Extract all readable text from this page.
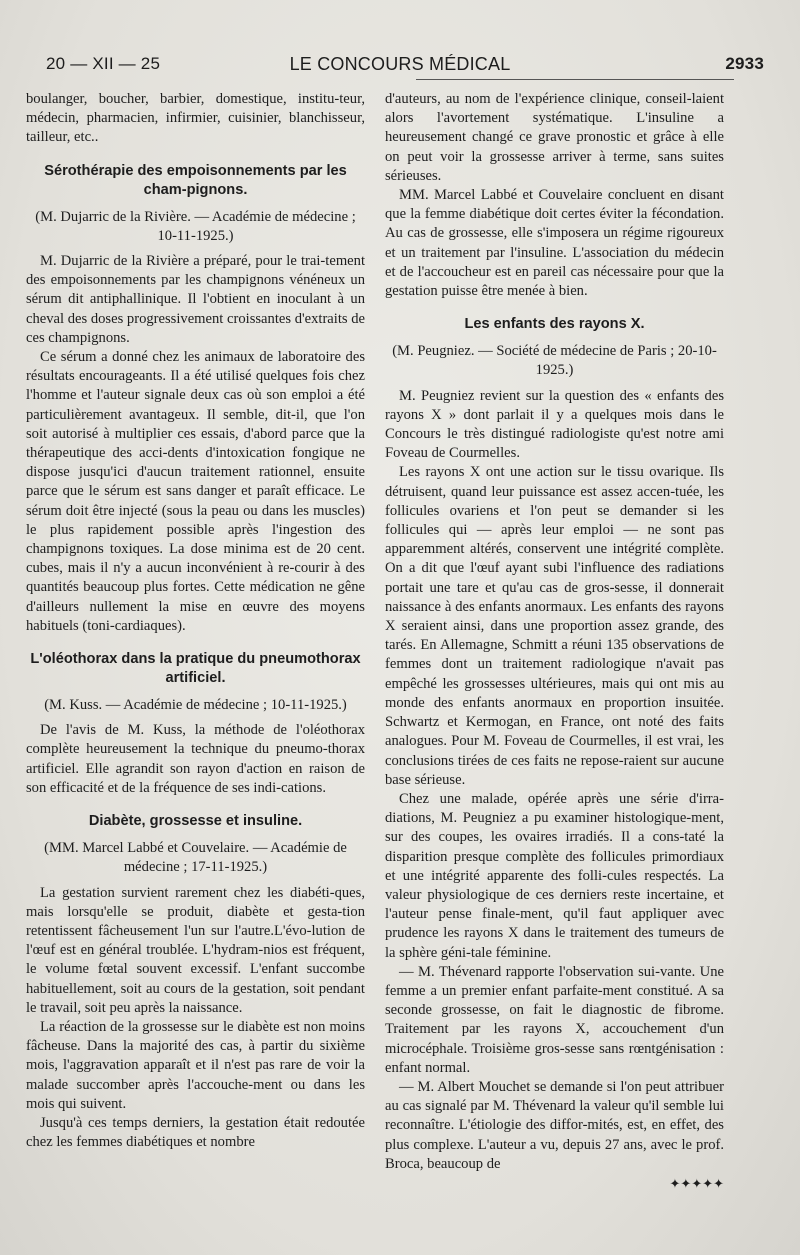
20 — XII — 25	LE CONCOURS MÉDICAL	2933

boulanger, boucher, barbier, domestique, institu-teur, médecin, pharmacien, infirmier, cuisinier, blanchisseur, tailleur, etc..

Sérothérapie des empoisonnements par les cham-pignons.

(M. Dujarric de la Rivière. — Académie de médecine ; 10-11-1925.)

M. Dujarric de la Rivière a préparé, pour le trai-tement des empoisonnements par les champignons vénéneux un sérum dit antiphallinique. Il l'obtient en inoculant à un cheval des doses progressivement croissantes d'extraits de ces champignons.

Ce sérum a donné chez les animaux de laboratoire des résultats encourageants. Il a été utilisé quelques fois chez l'homme et l'auteur signale deux cas où son emploi a été particulièrement avantageux. Il semble, dit-il, que l'on soit autorisé à multiplier ces essais, d'abord parce que la thérapeutique des acci-dents d'intoxication fongique ne dispose jusqu'ici d'aucun traitement rationnel, ensuite parce que le sérum est sans danger et paraît efficace. Le sérum doit être injecté (sous la peau ou dans les muscles) le plus rapidement possible après l'ingestion des champignons toxiques. La dose minima est de 20 cent. cubes, mais il n'y a aucun inconvénient à re-courir à des quantités beaucoup plus fortes. Cette médication ne gêne d'ailleurs nullement la mise en œuvre des moyens habituels (toni-cardiaques).

L'oléothorax dans la pratique du pneumothorax artificiel.

(M. Kuss. — Académie de médecine ; 10-11-1925.)

De l'avis de M. Kuss, la méthode de l'oléothorax complète heureusement la technique du pneumo-thorax artificiel. Elle agrandit son rayon d'action en raison de son efficacité et de la fréquence de ses indi-cations.

Diabète, grossesse et insuline.

(MM. Marcel Labbé et Couvelaire. — Académie de médecine ; 17-11-1925.)

La gestation survient rarement chez les diabéti-ques, mais lorsqu'elle se produit, diabète et gesta-tion retentissent fâcheusement l'un sur l'autre.L'évo-lution de l'œuf est en général troublée. L'hydram-nios est fréquent, le volume fœtal souvent excessif. L'enfant succombe habituellement, soit au cours de la gestation, soit pendant le travail, soit peu après la naissance.

La réaction de la grossesse sur le diabète est non moins fâcheuse. Dans la majorité des cas, à partir du sixième mois, l'aggravation apparaît et il n'est pas rare de voir la malade succomber après l'accouche-ment ou dans les mois qui suivent.

Jusqu'à ces temps derniers, la gestation était redoutée chez les femmes diabétiques et nombre

d'auteurs, au nom de l'expérience clinique, conseil-laient alors l'avortement systématique. L'insuline a heureusement changé ce grave pronostic et grâce à elle on peut voir la grossesse arriver à terme, sans suites sérieuses.

MM. Marcel Labbé et Couvelaire concluent en disant que la femme diabétique doit certes éviter la fécondation. Au cas de grossesse, elle s'imposera un régime rigoureux et un traitement par l'insuline. L'association du médecin et de l'accoucheur est en pareil cas nécessaire pour que la gestation puisse être menée à bien.

Les enfants des rayons X.

(M. Peugniez. — Société de médecine de Paris ; 20-10-1925.)

M. Peugniez revient sur la question des « enfants des rayons X » dont parlait il y a quelques mois dans le Concours le très distingué radiologiste qu'est notre ami Foveau de Courmelles.

Les rayons X ont une action sur le tissu ovarique. Ils détruisent, quand leur puissance est assez accen-tuée, les follicules ovariens et l'on peut se demander si les follicules qui — après leur emploi — ne sont pas apparemment altérés, conservent une intégrité complète. On a dit que l'œuf ayant subi l'influence des radiations portait une tare et qu'au cas de gros-sesse, il donnerait naissance à des enfants anormaux. Les enfants des rayons X seraient ainsi, dans une proportion assez grande, des tarés. En Allemagne, Schmitt a réuni 135 observations de femmes dont un traitement radiologique n'avait pas empêché les grossesses ultérieures, mais qui ont mis au monde des enfants anormaux en proportion insuitée. Schwartz et Kermogan, en France, ont noté des faits analogues. Pour M. Foveau de Courmelles, il est vrai, les conclusions tirées de ces faits ne repose-raient sur aucune base sérieuse.

Chez une malade, opérée après une série d'irra-diations, M. Peugniez a pu examiner histologique-ment, sur des coupes, les ovaires irradiés. Il a cons-taté la disparition presque complète des follicules primordiaux et une intégrité apparente des folli-cules respectés. La valeur physiologique de ces derniers reste incertaine, et l'auteur pense finale-ment, qu'il faut appliquer avec prudence les rayons X dans le traitement des tumeurs de la sphère géni-tale féminine.

— M. Thévenard rapporte l'observation sui-vante. Une femme a un premier enfant parfaite-ment constitué. A sa seconde grossesse, on fait le diagnostic de fibrome. Traitement par les rayons X, accouchement d'un microcéphale. Troisième gros-sesse sans rœntgénisation : enfant normal.

— M. Albert Mouchet se demande si l'on peut attribuer au cas signalé par M. Thévenard la valeur qu'il semble lui reconnaître. L'étiologie des diffor-mités, est, en effet, des plus complexe. L'auteur a vu, depuis 27 ans, avec le prof. Broca, beaucoup de

✦✦✦✦✦
